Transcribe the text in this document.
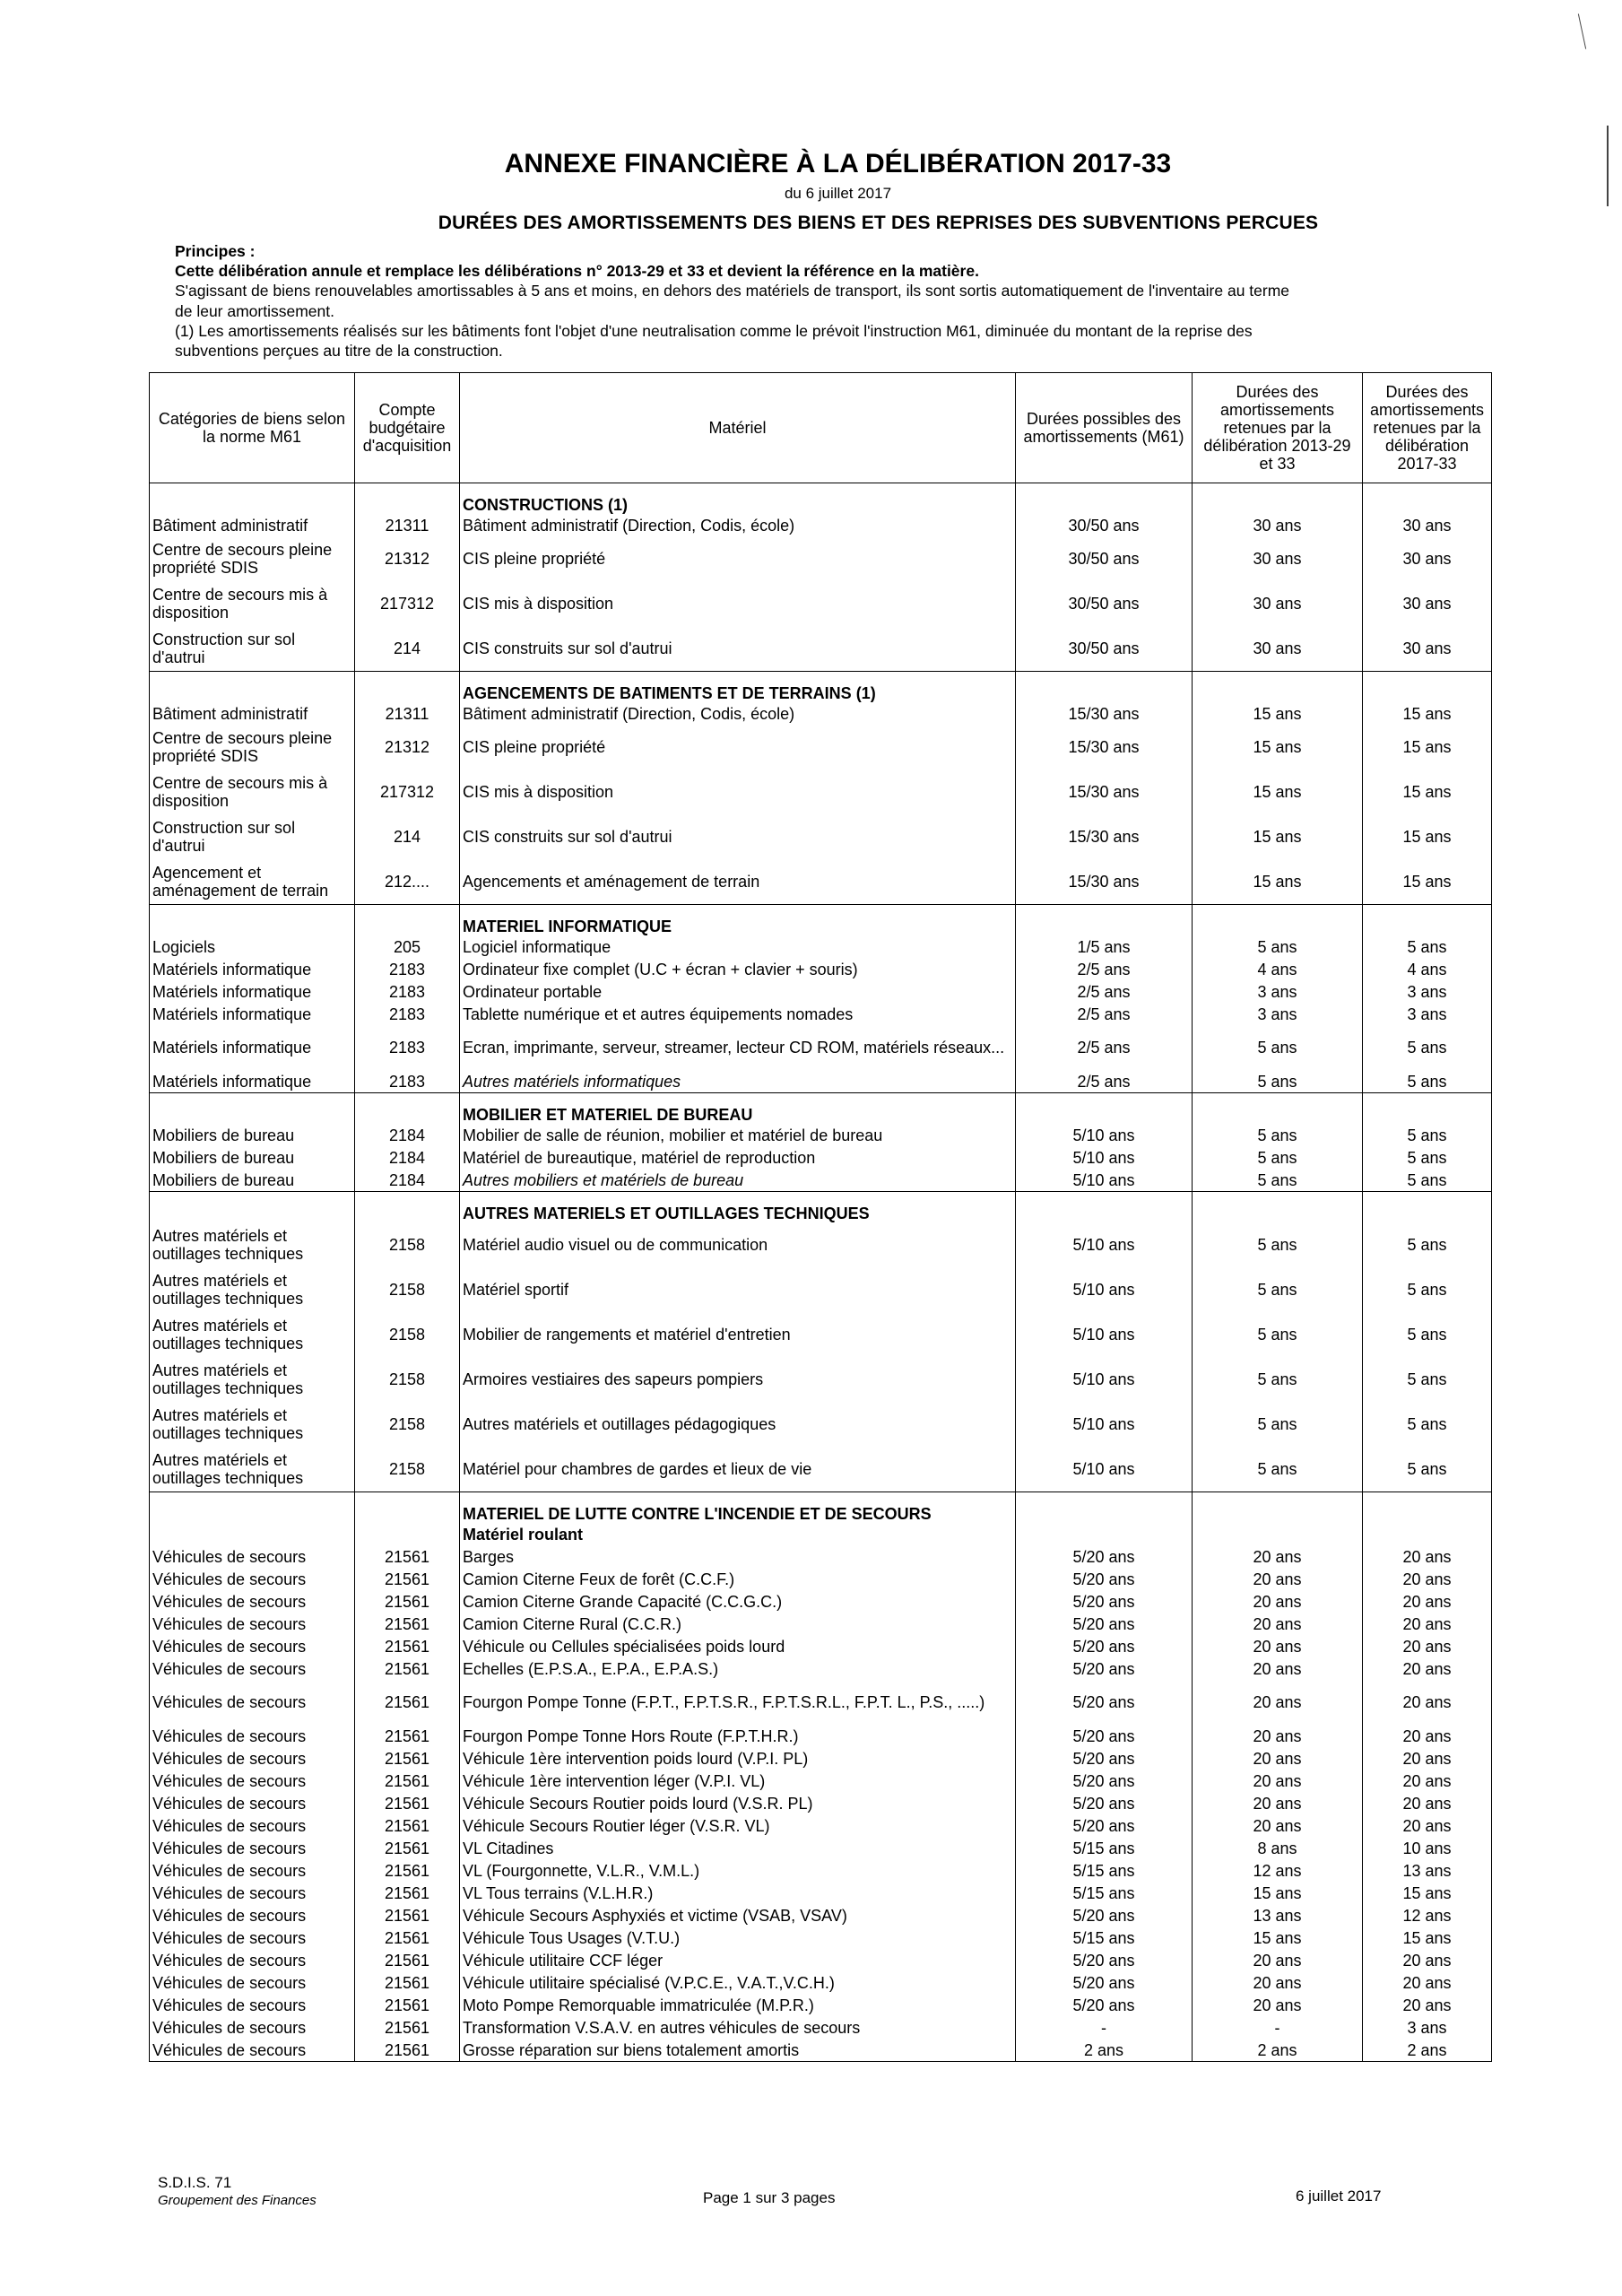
ANNEXE FINANCIÈRE À LA DÉLIBÉRATION 2017-33
du 6 juillet 2017
DURÉES DES AMORTISSEMENTS DES BIENS ET DES REPRISES DES SUBVENTIONS PERCUES

Principes :

Cette délibération annule et remplace les délibérations n° 2013-29 et 33 et devient la référence en la matière.

S'agissant de biens renouvelables amortissables à 5 ans et moins, en dehors des matériels de transport, ils sont sortis automatiquement de l'inventaire au terme de leur amortissement.

(1) Les amortissements réalisés sur les bâtiments font l'objet d'une neutralisation comme le prévoit l'instruction M61, diminuée du montant de la reprise des subventions perçues au titre de la construction.

Catégories de biens selon la norme M61	Compte budgétaire d'acquisition	Matériel	Durées possibles des amortissements (M61)	Durées des amortissements retenues par la délibération 2013-29 et 33	Durées des amortissements retenues par la délibération 2017-33
		CONSTRUCTIONS (1)			
Bâtiment administratif	21311	Bâtiment administratif (Direction, Codis, école)	30/50 ans	30 ans	30 ans
Centre de secours pleine propriété SDIS	21312	CIS pleine propriété	30/50 ans	30 ans	30 ans
Centre de secours mis à disposition	217312	CIS mis à disposition	30/50 ans	30 ans	30 ans
Construction sur sol d'autrui	214	CIS construits sur sol d'autrui	30/50 ans	30 ans	30 ans
		AGENCEMENTS DE BATIMENTS ET DE TERRAINS (1)			
Bâtiment administratif	21311	Bâtiment administratif (Direction, Codis, école)	15/30 ans	15 ans	15 ans
Centre de secours pleine propriété SDIS	21312	CIS pleine propriété	15/30 ans	15 ans	15 ans
Centre de secours mis à disposition	217312	CIS mis à disposition	15/30 ans	15 ans	15 ans
Construction sur sol d'autrui	214	CIS construits sur sol d'autrui	15/30 ans	15 ans	15 ans
Agencement et aménagement de terrain	212....	Agencements et aménagement de terrain	15/30 ans	15 ans	15 ans
		MATERIEL INFORMATIQUE			
Logiciels	205	Logiciel informatique	1/5 ans	5 ans	5 ans
Matériels informatique	2183	Ordinateur fixe complet (U.C + écran + clavier + souris)	2/5 ans	4 ans	4 ans
Matériels informatique	2183	Ordinateur portable	2/5 ans	3 ans	3 ans
Matériels informatique	2183	Tablette numérique et et autres équipements nomades	2/5 ans	3 ans	3 ans
Matériels informatique	2183	Ecran, imprimante, serveur, streamer, lecteur CD ROM, matériels réseaux...	2/5 ans	5 ans	5 ans
Matériels informatique	2183	Autres matériels informatiques	2/5 ans	5 ans	5 ans
		MOBILIER ET MATERIEL DE BUREAU			
Mobiliers de bureau	2184	Mobilier de salle de réunion, mobilier et matériel de bureau	5/10 ans	5 ans	5 ans
Mobiliers de bureau	2184	Matériel de bureautique, matériel de reproduction	5/10 ans	5 ans	5 ans
Mobiliers de bureau	2184	Autres mobiliers et matériels de bureau	5/10 ans	5 ans	5 ans
		AUTRES MATERIELS ET OUTILLAGES TECHNIQUES			
Autres matériels et outillages techniques	2158	Matériel audio visuel ou de communication	5/10 ans	5 ans	5 ans
Autres matériels et outillages techniques	2158	Matériel sportif	5/10 ans	5 ans	5 ans
Autres matériels et outillages techniques	2158	Mobilier de rangements et matériel d'entretien	5/10 ans	5 ans	5 ans
Autres matériels et outillages techniques	2158	Armoires vestiaires des sapeurs pompiers	5/10 ans	5 ans	5 ans
Autres matériels et outillages techniques	2158	Autres matériels et outillages pédagogiques	5/10 ans	5 ans	5 ans
Autres matériels et outillages techniques	2158	Matériel pour chambres de gardes et lieux de vie	5/10 ans	5 ans	5 ans
		MATERIEL DE LUTTE CONTRE L'INCENDIE ET DE SECOURS			
		Matériel roulant			
Véhicules de secours	21561	Barges	5/20 ans	20 ans	20 ans
Véhicules de secours	21561	Camion Citerne Feux de forêt (C.C.F.)	5/20 ans	20 ans	20 ans
Véhicules de secours	21561	Camion Citerne Grande Capacité (C.C.G.C.)	5/20 ans	20 ans	20 ans
Véhicules de secours	21561	Camion Citerne Rural (C.C.R.)	5/20 ans	20 ans	20 ans
Véhicules de secours	21561	Véhicule ou Cellules spécialisées poids lourd	5/20 ans	20 ans	20 ans
Véhicules de secours	21561	Echelles (E.P.S.A., E.P.A., E.P.A.S.)	5/20 ans	20 ans	20 ans
Véhicules de secours	21561	Fourgon Pompe Tonne (F.P.T., F.P.T.S.R., F.P.T.S.R.L., F.P.T. L., P.S., .....)	5/20 ans	20 ans	20 ans
Véhicules de secours	21561	Fourgon Pompe Tonne Hors Route (F.P.T.H.R.)	5/20 ans	20 ans	20 ans
Véhicules de secours	21561	Véhicule 1ère intervention poids lourd (V.P.I. PL)	5/20 ans	20 ans	20 ans
Véhicules de secours	21561	Véhicule 1ère intervention léger (V.P.I. VL)	5/20 ans	20 ans	20 ans
Véhicules de secours	21561	Véhicule Secours Routier poids lourd (V.S.R. PL)	5/20 ans	20 ans	20 ans
Véhicules de secours	21561	Véhicule Secours Routier léger (V.S.R. VL)	5/20 ans	20 ans	20 ans
Véhicules de secours	21561	VL Citadines	5/15 ans	8 ans	10 ans
Véhicules de secours	21561	VL (Fourgonnette, V.L.R., V.M.L.)	5/15 ans	12 ans	13 ans
Véhicules de secours	21561	VL Tous terrains (V.L.H.R.)	5/15 ans	15 ans	15 ans
Véhicules de secours	21561	Véhicule Secours Asphyxiés et victime (VSAB, VSAV)	5/20 ans	13 ans	12 ans
Véhicules de secours	21561	Véhicule Tous Usages (V.T.U.)	5/15 ans	15 ans	15 ans
Véhicules de secours	21561	Véhicule utilitaire CCF léger	5/20 ans	20 ans	20 ans
Véhicules de secours	21561	Véhicule utilitaire spécialisé (V.P.C.E., V.A.T.,V.C.H.)	5/20 ans	20 ans	20 ans
Véhicules de secours	21561	Moto Pompe Remorquable immatriculée (M.P.R.)	5/20 ans	20 ans	20 ans
Véhicules de secours	21561	Transformation V.S.A.V. en autres véhicules de secours	-	-	3 ans
Véhicules de secours	21561	Grosse réparation sur biens totalement amortis	2 ans	2 ans	2 ans
S.D.I.S. 71
Groupement des Finances	Page 1 sur 3 pages	6 juillet 2017
